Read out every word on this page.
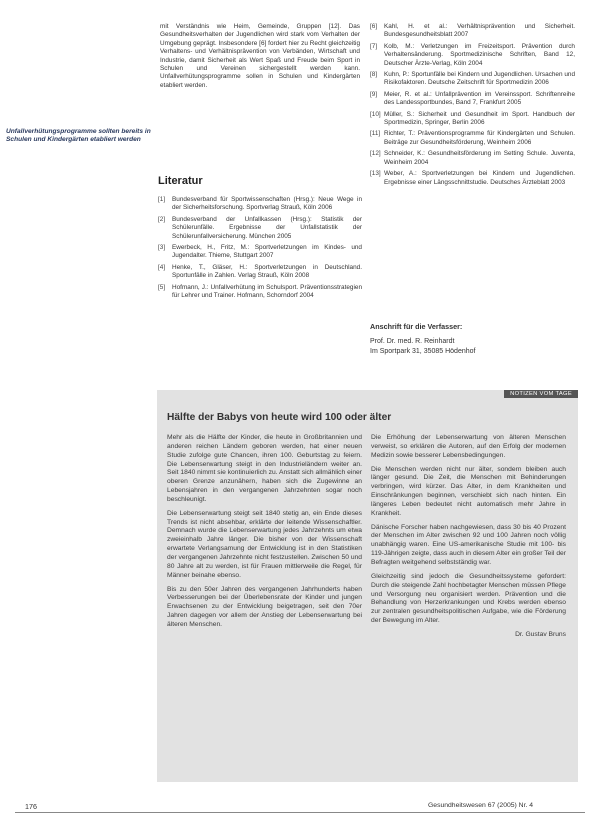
mit Verständnis wie Heim, Gemeinde, Gruppen [12]. Das Gesundheitsverhalten der Jugendlichen wird stark vom Verhalten der Umgebung geprägt. Insbesondere [6] fordert hier zu Recht gleichzeitig Verhaltens- und Verhältnisprävention von Verbänden, Wirtschaft und Industrie, damit Sicherheit als Wert Spaß und Freude beim Sport in Schulen und Vereinen sichergestellt werden kann. Unfallverhütungsprogramme sollen in Schulen und Kindergärten etabliert werden.
Unfallverhütungsprogramme sollten bereits in Schulen und Kindergärten etabliert werden
Literatur
[1]	Bundesverband für Sportwissenschaften (Hrsg.): Neue Wege in der Sicherheitsforschung. Sportverlag Strauß, Köln 2006
[2]	Bundesverband der Unfallkassen (Hrsg.): Statistik der Schülerunfälle. Ergebnisse der Unfallstatistik der Schülerunfallversicherung. München 2005
[3]	Ewerbeck, H., Fritz, M.: Sportverletzungen im Kindes- und Jugendalter. Thieme, Stuttgart 2007
[4]	Henke, T., Gläser, H.: Sportverletzungen in Deutschland. Sportunfälle in Zahlen. Verlag Strauß, Köln 2008
[5]	Hofmann, J.: Unfallverhütung im Schulsport. Präventionsstrategien für Lehrer und Trainer. Hofmann, Schorndorf 2004
[6]	Kahl, H. et al.: Verhältnisprävention und Sicherheit. Bundesgesundheitsblatt 2007
[7]	Kolb, M.: Verletzungen im Freizeitsport. Prävention durch Verhaltensänderung. Sportmedizinische Schriften, Band 12, Deutscher Ärzte-Verlag, Köln 2004
[8]	Kuhn, P.: Sportunfälle bei Kindern und Jugendlichen. Ursachen und Risikofaktoren. Deutsche Zeitschrift für Sportmedizin 2006
[9]	Meier, R. et al.: Unfallprävention im Vereinssport. Schriftenreihe des Landessportbundes, Band 7, Frankfurt 2005
[10] Müller, S.: Sicherheit und Gesundheit im Sport. Handbuch der Sportmedizin, Springer, Berlin 2006
[11] Richter, T.: Präventionsprogramme für Kindergärten und Schulen. Beiträge zur Gesundheitsförderung, Weinheim 2006
[12] Schneider, K.: Gesundheitsförderung im Setting Schule. Juventa, Weinheim 2004
[13] Weber, A.: Sportverletzungen bei Kindern und Jugendlichen. Ergebnisse einer Längsschnittstudie. Deutsches Ärzteblatt 2003
Anschrift für die Verfasser:
Prof. Dr. med. R. Reinhardt
Im Sportpark 31, 35085 Hödenhof
NOTIZEN VOM TAGE
Hälfte der Babys von heute wird 100 oder älter

Mehr als die Hälfte der Kinder, die heute in Großbritannien und anderen reichen Ländern geboren werden, hat einer neuen Studie zufolge gute Chancen, ihren 100. Geburtstag zu feiern. Die Lebenserwartung steigt in den Industrieländern weiter an. Seit 1840 nimmt sie kontinuierlich zu. Anstatt sich allmählich einer oberen Grenze anzunähern, haben sich die Zugewinne an Lebensjahren in den vergangenen Jahrzehnten sogar noch beschleunigt.

Die Lebenserwartung steigt seit 1840 stetig an, ein Ende dieses Trends ist nicht absehbar, erklärte der leitende Wissenschaftler. Demnach wurde die Lebenserwartung jedes Jahrzehnts um etwa zweieinhalb Jahre länger. Die bisher von der Wissenschaft erwartete Verlangsamung der Entwicklung ist in den Statistiken der vergangenen Jahrzehnte nicht festzustellen. Zwischen 50 und 80 Jahre alt zu werden, ist für Frauen mittlerweile die Regel, für Männer beinahe ebenso.

Bis zu den 50er Jahren des vergangenen Jahrhunderts haben Verbesserungen bei der Überlebensrate der Kinder und jungen Erwachsenen zu der Entwicklung beigetragen, seit den 70er Jahren dagegen vor allem der Anstieg der Lebenserwartung bei älteren Menschen.

Die Erhöhung der Lebenserwartung von älteren Menschen verweist, so erklären die Autoren, auf den Erfolg der modernen Medizin sowie besserer Lebensbedingungen.

Die Menschen werden nicht nur älter, sondern bleiben auch länger gesund. Die Zeit, die Menschen mit Behinderungen verbringen, wird kürzer. Das Alter, in dem Krankheiten und Einschränkungen beginnen, verschiebt sich nach hinten. Ein längeres Leben bedeutet nicht automatisch mehr Jahre in Krankheit.

Dänische Forscher haben nachgewiesen, dass 30 bis 40 Prozent der Menschen im Alter zwischen 92 und 100 Jahren noch völlig unabhängig waren. Eine US-amerikanische Studie mit 100- bis 119-Jährigen zeigte, dass auch in diesem Alter ein großer Teil der Befragten weitgehend selbstständig war.

Gleichzeitig sind jedoch die Gesundheitssysteme gefordert: Durch die steigende Zahl hochbetagter Menschen müssen Pflege und Versorgung neu organisiert werden. Prävention und die Behandlung von Herzerkrankungen und Krebs werden ebenso zur zentralen gesundheitspolitischen Aufgabe, wie die Förderung der Bewegung im Alter.

Dr. Gustav Bruns
176	Gesundheitswesen 67 (2005) Nr. 4
